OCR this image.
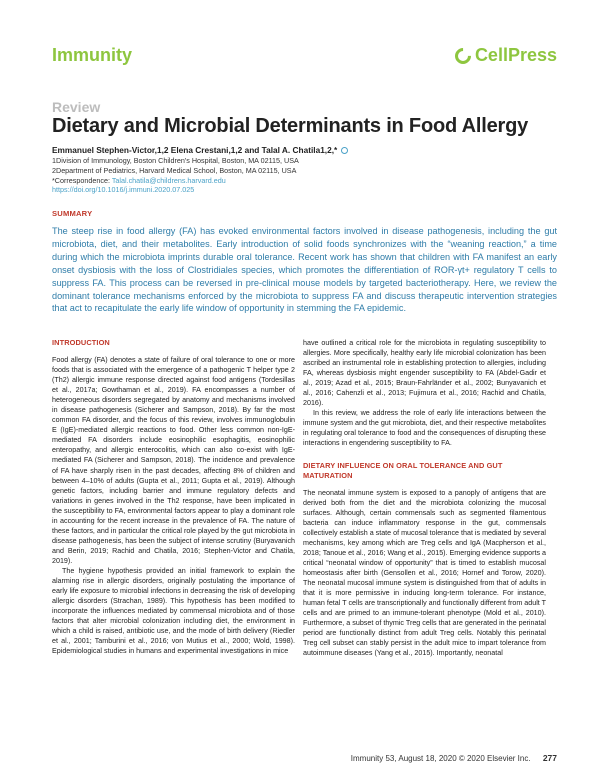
Immunity	CellPress
Review
Dietary and Microbial Determinants in Food Allergy
Emmanuel Stephen-Victor,1,2 Elena Crestani,1,2 and Talal A. Chatila1,2,*
1Division of Immunology, Boston Children's Hospital, Boston, MA 02115, USA
2Department of Pediatrics, Harvard Medical School, Boston, MA 02115, USA
*Correspondence: Talal.chatila@childrens.harvard.edu
https://doi.org/10.1016/j.immuni.2020.07.025
SUMMARY
The steep rise in food allergy (FA) has evoked environmental factors involved in disease pathogenesis, including the gut microbiota, diet, and their metabolites. Early introduction of solid foods synchronizes with the “weaning reaction,” a time during which the microbiota imprints durable oral tolerance. Recent work has shown that children with FA manifest an early onset dysbiosis with the loss of Clostridiales species, which promotes the differentiation of ROR-γt+ regulatory T cells to suppress FA. This process can be reversed in pre-clinical mouse models by targeted bacteriotherapy. Here, we review the dominant tolerance mechanisms enforced by the microbiota to suppress FA and discuss therapeutic intervention strategies that act to recapitulate the early life window of opportunity in stemming the FA epidemic.
INTRODUCTION

Food allergy (FA) denotes a state of failure of oral tolerance to one or more foods that is associated with the emergence of a pathogenic T helper type 2 (Th2) allergic immune response directed against food antigens (Tordesillas et al., 2017a; Gowthaman et al., 2019). FA encompasses a number of heterogeneous disorders segregated by anatomy and mechanisms involved in disease pathogenesis (Sicherer and Sampson, 2018). By far the most common FA disorder, and the focus of this review, involves immunoglobulin E (IgE)-mediated allergic reactions to food. Other less common non-IgE-mediated FA disorders include eosinophilic esophagitis, eosinophilic enteropathy, and allergic enterocolitis, which can also co-exist with IgE-mediated FA (Sicherer and Sampson, 2018). The incidence and prevalence of FA have sharply risen in the past decades, affecting 8% of children and between 4–10% of adults (Gupta et al., 2011; Gupta et al., 2019). Although genetic factors, including barrier and immune regulatory defects and variations in genes involved in the Th2 response, have been implicated in the susceptibility to FA, environmental factors appear to play a dominant role in accounting for the recent increase in the prevalence of FA. The nature of these factors, and in particular the critical role played by the gut microbiota in disease pathogenesis, has been the subject of intense scrutiny (Buryavanich and Berin, 2019; Rachid and Chatila, 2016; Stephen-Victor and Chatila, 2019).

The hygiene hypothesis provided an initial framework to explain the alarming rise in allergic disorders, originally postulating the importance of early life exposure to microbial infections in decreasing the risk of developing allergic disorders (Strachan, 1989). This hypothesis has been modified to incorporate the influences mediated by commensal microbiota and of those factors that alter microbial colonization including diet, the environment in which a child is raised, antibiotic use, and the mode of birth delivery (Riedler et al., 2001; Tamburini et al., 2016; von Mutius et al., 2000; Wold, 1998). Epidemiological studies in humans and experimental investigations in mice

have outlined a critical role for the microbiota in regulating susceptibility to allergies. More specifically, healthy early life microbial colonization has been ascribed an instrumental role in establishing protection to allergies, including FA, whereas dysbiosis might engender susceptibility to FA (Abdel-Gadir et al., 2019; Azad et al., 2015; Braun-Fahrländer et al., 2002; Bunyavanich et al., 2016; Cahenzli et al., 2013; Fujimura et al., 2016; Rachid and Chatila, 2016).

In this review, we address the role of early life interactions between the immune system and the gut microbiota, diet, and their respective metabolites in regulating oral tolerance to food and the consequences of disrupting these interactions in engendering susceptibility to FA.

DIETARY INFLUENCE ON ORAL TOLERANCE AND GUT MATURATION

The neonatal immune system is exposed to a panoply of antigens that are derived both from the diet and the microbiota colonizing the mucosal surfaces. Although, certain commensals such as segmented filamentous bacteria can induce inflammatory response in the gut, commensals collectively establish a state of mucosal tolerance that is mediated by several mechanisms, key among which are Treg cells and IgA (Macpherson et al., 2018; Tanoue et al., 2016; Wang et al., 2015). Emerging evidence supports a critical “neonatal window of opportunity” that is timed to establish mucosal homeostasis after birth (Gensollen et al., 2016; Hornef and Torow, 2020). The neonatal mucosal immune system is distinguished from that of adults in that it is more permissive in inducing long-term tolerance. For instance, human fetal T cells are transcriptionally and functionally different from adult T cells and are primed to an immune-tolerant phenotype (Mold et al., 2010). Furthermore, a subset of thymic Treg cells that are generated in the perinatal period are functionally distinct from adult Treg cells. Notably this perinatal Treg cell subset can stably persist in the adult mice to impart tolerance from autoimmune diseases (Yang et al., 2015). Importantly, neonatal

Immunity 53, August 18, 2020 © 2020 Elsevier Inc. 277
